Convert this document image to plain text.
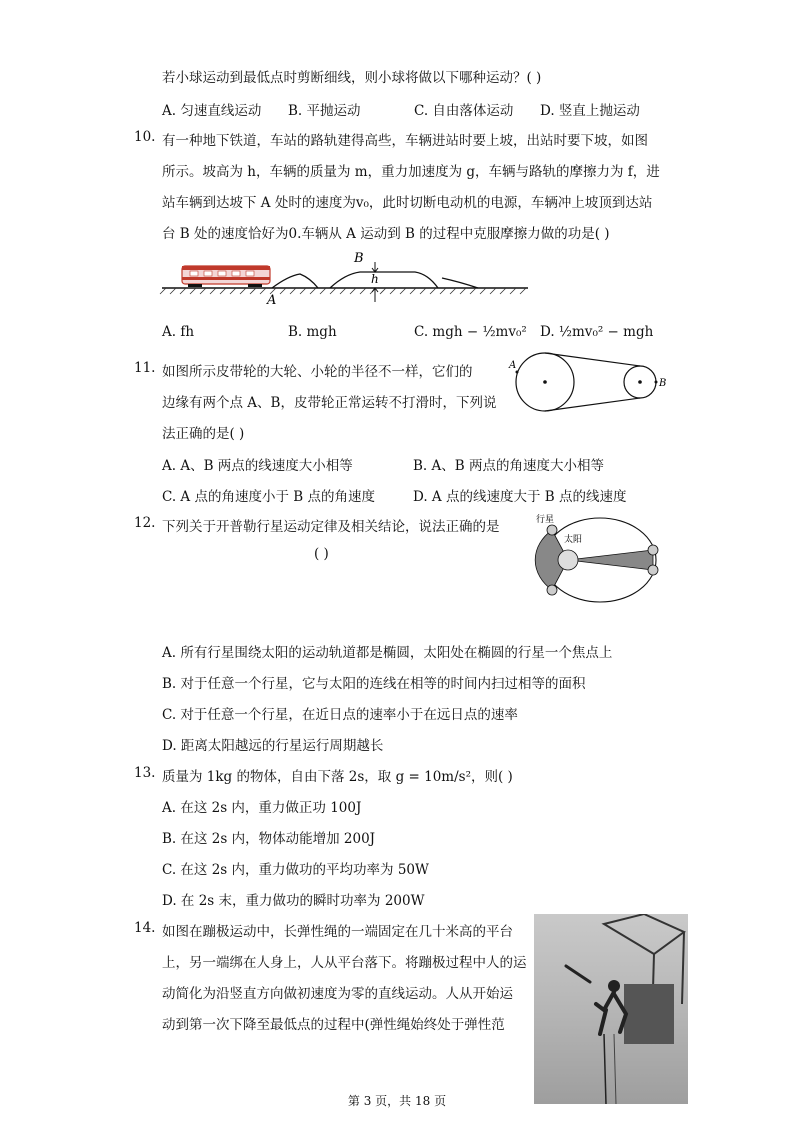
若小球运动到最低点时剪断细线，则小球将做以下哪种运动？( )
A. 匀速直线运动 B. 平抛运动	C. 自由落体运动 D. 竖直上抛运动
10. 有一种地下铁道，车站的路轨建得高些，车辆进站时要上坡，出站时要下坡，如图
所示。坡高为 h，车辆的质量为 m，重力加速度为 g，车辆与路轨的摩擦力为 f，进
站车辆到达坡下 A 处时的速度为v₀，此时切断电动机的电源，车辆冲上坡顶到达站
台 B 处的速度恰好为0.车辆从 A 运动到 B 的过程中克服摩擦力做的功是( )
B
h
A
A. fh	B. mgh	C. mgh − ½mv₀² D. ½mv₀² − mgh
11. 如图所示皮带轮的大轮、小轮的半径不一样，它们的
边缘有两个点 A、B，皮带轮正常运转不打滑时，下列说
法正确的是( )
A
B
A. A、B 两点的线速度大小相等	B. A、B 两点的角速度大小相等
C. A 点的角速度小于 B 点的角速度	D. A 点的线速度大于 B 点的线速度
12. 下列关于开普勒行星运动定律及相关结论，说法正确的是
( )
行星
太阳
A. 所有行星围绕太阳的运动轨道都是椭圆，太阳处在椭圆的行星一个焦点上
B. 对于任意一个行星，它与太阳的连线在相等的时间内扫过相等的面积
C. 对于任意一个行星，在近日点的速率小于在远日点的速率
D. 距离太阳越远的行星运行周期越长
13. 质量为 1kg 的物体，自由下落 2s，取 g = 10m/s²，则( )
A. 在这 2s 内，重力做正功 100J
B. 在这 2s 内，物体动能增加 200J
C. 在这 2s 内，重力做功的平均功率为 50W
D. 在 2s 末，重力做功的瞬时功率为 200W
14. 如图在蹦极运动中，长弹性绳的一端固定在几十米高的平台
上，另一端绑在人身上，人从平台落下。将蹦极过程中人的运
动简化为沿竖直方向做初速度为零的直线运动。人从开始运
动到第一次下降至最低点的过程中(弹性绳始终处于弹性范
第 3 页，共 18 页
